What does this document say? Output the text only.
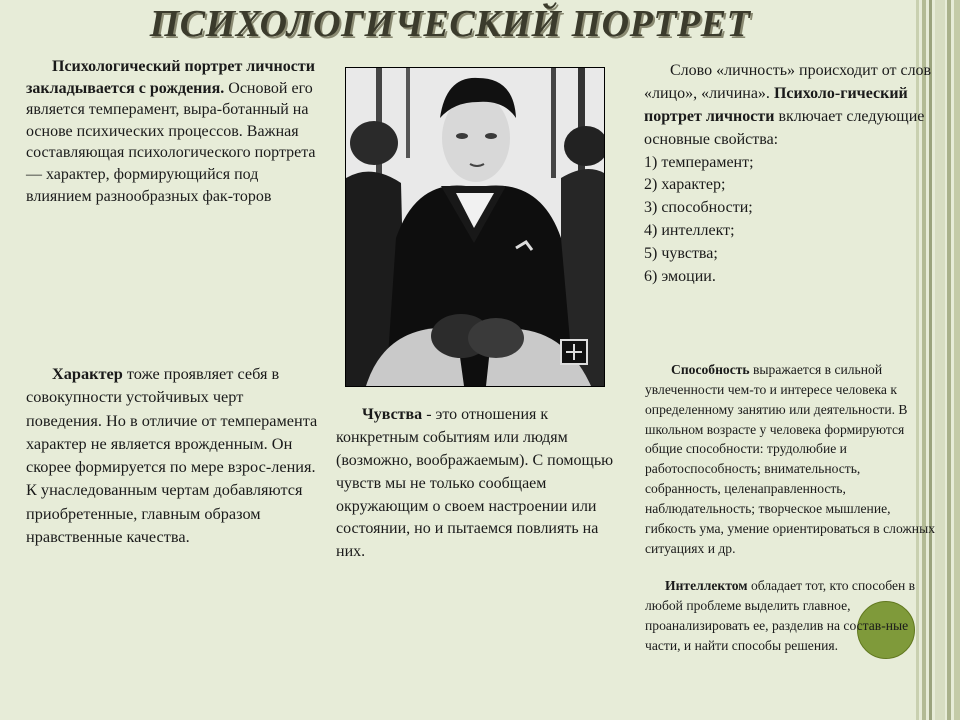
ПСИХОЛОГИЧЕСКИЙ ПОРТРЕТ
Психологический портрет личности закладывается с рождения. Основой его является темперамент, выра-ботанный на основе психических процессов. Важная составляющая психологического портрета — характер, формирующийся под влиянием разнообразных фак-торов
Слово «личность» происходит от слов «лицо», «личина». Психоло-гический портрет личности включает следующие основные свойства:
1) темперамент;
2) характер;
3) способности;
4) интеллект;
5) чувства;
6) эмоции.
Характер тоже проявляет себя в совокупности устойчивых черт поведения. Но в отличие от темперамента характер не является врожденным. Он скорее формируется по мере взрос-ления. К унаследованным чертам добавляются приобретенные, главным образом нравственные качества.
Чувства - это отношения к конкретным событиям или людям (возможно, воображаемым). С помощью чувств мы не только сообщаем окружающим о своем настроении или состоянии, но и пытаемся повлиять на них.
Способность выражается в сильной увлеченности чем-то и интересе человека к определенному занятию или деятельности. В школьном возрасте у человека формируются общие способности: трудолюбие и работоспособность; внимательность, собранность, целенаправленность, наблюдательность; творческое мышление, гибкость ума, умение ориентироваться в сложных ситуациях и др.
Интеллектом обладает тот, кто способен в любой проблеме выделить главное, проанализировать ее, разделив на состав-ные части, и найти способы решения.
